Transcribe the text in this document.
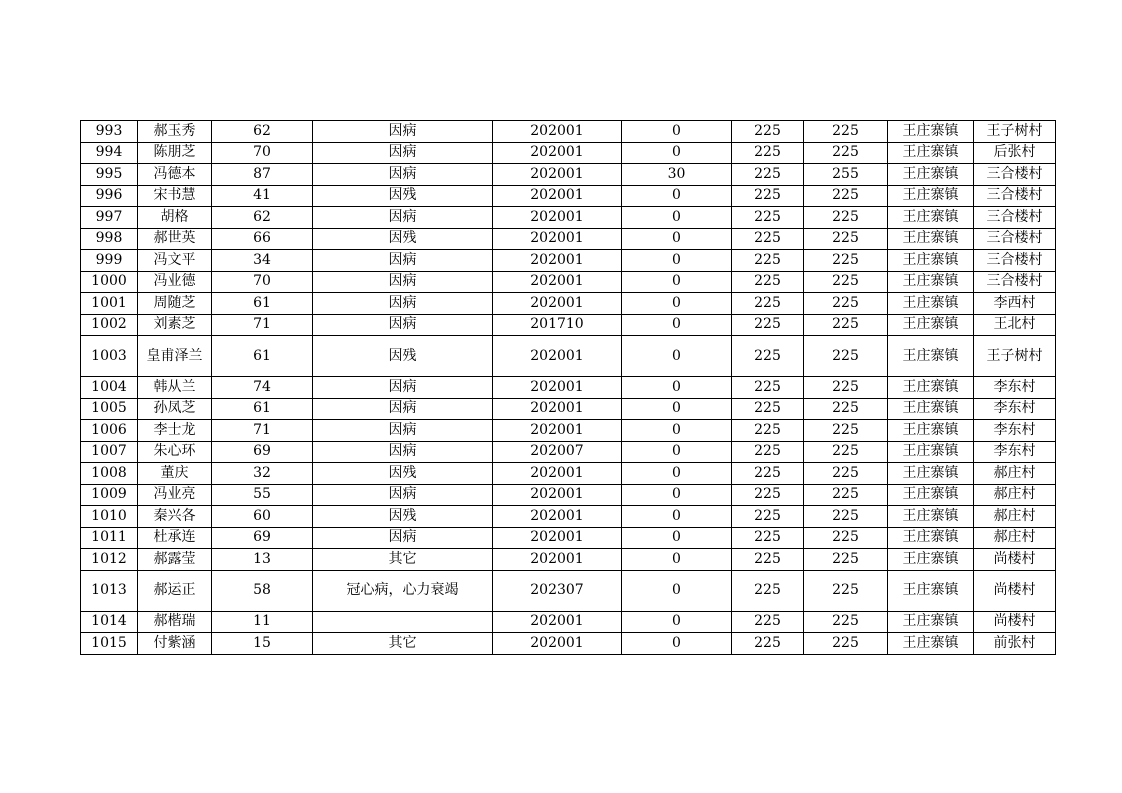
993	郝玉秀	62	因病	202001	0	225	225	王庄寨镇	王子树村
994	陈朋芝	70	因病	202001	0	225	225	王庄寨镇	后张村
995	冯德本	87	因病	202001	30	225	255	王庄寨镇	三合楼村
996	宋书慧	41	因残	202001	0	225	225	王庄寨镇	三合楼村
997	胡格	62	因病	202001	0	225	225	王庄寨镇	三合楼村
998	郝世英	66	因残	202001	0	225	225	王庄寨镇	三合楼村
999	冯文平	34	因病	202001	0	225	225	王庄寨镇	三合楼村
1000	冯业德	70	因病	202001	0	225	225	王庄寨镇	三合楼村
1001	周随芝	61	因病	202001	0	225	225	王庄寨镇	李西村
1002	刘素芝	71	因病	201710	0	225	225	王庄寨镇	王北村
1003	皇甫泽兰	61	因残	202001	0	225	225	王庄寨镇	王子树村
1004	韩从兰	74	因病	202001	0	225	225	王庄寨镇	李东村
1005	孙凤芝	61	因病	202001	0	225	225	王庄寨镇	李东村
1006	李士龙	71	因病	202001	0	225	225	王庄寨镇	李东村
1007	朱心环	69	因病	202007	0	225	225	王庄寨镇	李东村
1008	董庆	32	因残	202001	0	225	225	王庄寨镇	郝庄村
1009	冯业亮	55	因病	202001	0	225	225	王庄寨镇	郝庄村
1010	秦兴各	60	因残	202001	0	225	225	王庄寨镇	郝庄村
1011	杜承连	69	因病	202001	0	225	225	王庄寨镇	郝庄村
1012	郝露莹	13	其它	202001	0	225	225	王庄寨镇	尚楼村
1013	郝运正	58	冠心病，心力衰竭	202307	0	225	225	王庄寨镇	尚楼村
1014	郝楷瑞	11		202001	0	225	225	王庄寨镇	尚楼村
1015	付紫涵	15	其它	202001	0	225	225	王庄寨镇	前张村
